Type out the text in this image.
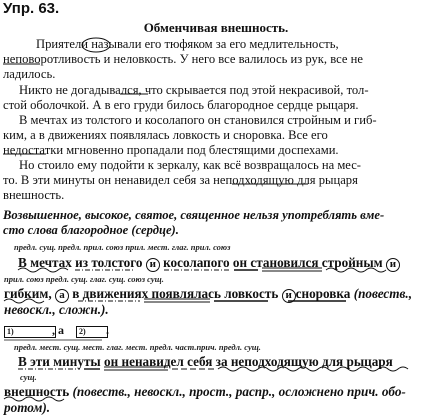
Упр. 63.
Обменчивая внешность.
Приятели называли его тюфяком за его медлительность,
неповоротливость и неловкость. У него все валилось из рук, все не
ладилось.
Никто не догадывался, что скрывается под этой некрасивой, тол-
стой оболочкой. А в его груди билось благородное сердце рыцаря.
В мечтах из толстого и косолапого он становился стройным и гиб-
ким, а в движениях появлялась ловкость и сноровка. Все его
недостатки мгновенно пропадали под блестящими доспехами.
Но стоило ему подойти к зеркалу, как всё возвращалось на мес-
то. В эти минуты он ненавидел себя за неподходящую для рыцаря
внешность.
Возвышенное, высокое, святое, священное нельзя употреблять вме-
сто слова благородное (сердце).
предл. сущ. предл. прил. союз прил. мест. глаг. прил. союз
В мечтах из толстого и косолапого он становился стройным и
прил. союз предл. сущ. глаг. сущ. союз сущ.
гибким, а в движениях появлялась ловкость и сноровка (повеств.,
невоскл., сложн.).
1)	, а	2)	.
предл. мест. сущ. мест. глаг. мест. предл. част.прич. предл. сущ.
В эти минуты он ненавидел себя за неподходящую для рыцаря
сущ.
внешность (повеств., невоскл., прост., распр., осложнено прич. обо-
ротом).
